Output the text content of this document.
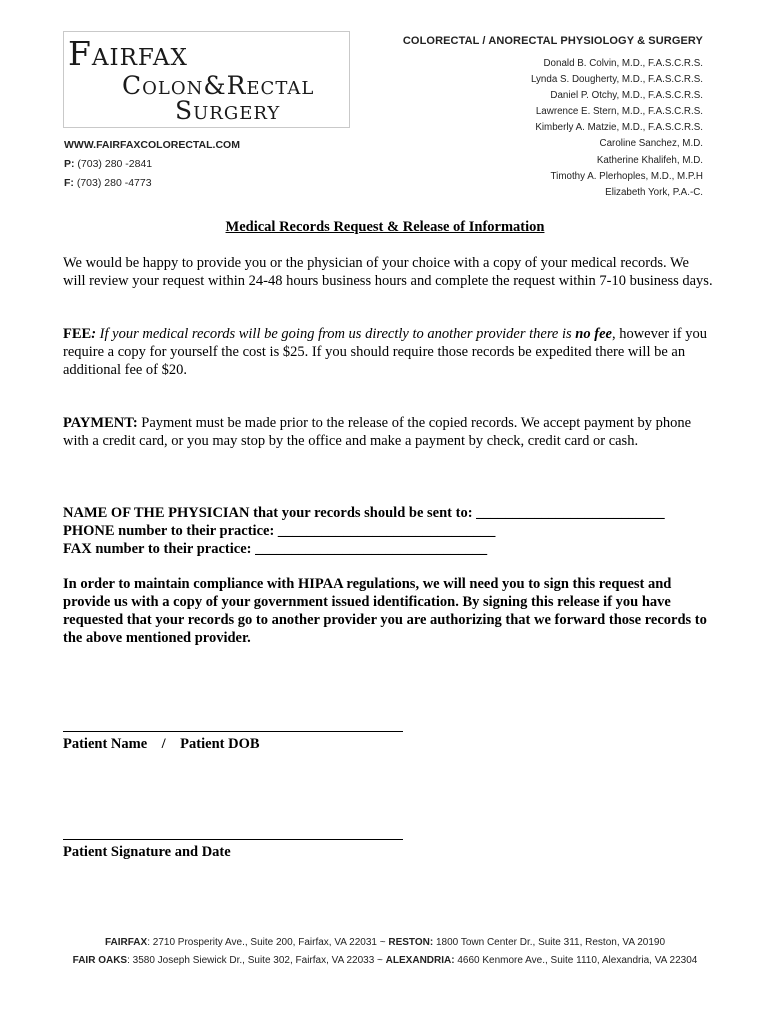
Fairfax
Colon&Rectal
Surgery
WWW.FAIRFAXCOLORECTAL.COM
P: (703) 280 -2841
F: (703) 280 -4773
COLORECTAL / ANORECTAL PHYSIOLOGY & SURGERY
Donald B. Colvin, M.D., F.A.S.C.R.S.
Lynda S. Dougherty, M.D., F.A.S.C.R.S.
Daniel P. Otchy, M.D., F.A.S.C.R.S.
Lawrence E. Stern, M.D., F.A.S.C.R.S.
Kimberly A. Matzie, M.D., F.A.S.C.R.S.
Caroline Sanchez, M.D.
Katherine Khalifeh, M.D.
Timothy A. Plerhoples, M.D., M.P.H
Elizabeth York, P.A.-C.
Medical Records Request & Release of Information
We would be happy to provide you or the physician of your choice with a copy of your medical records. We will review your request within 24-48 hours business hours and complete the request within 7-10 business days.
FEE: If your medical records will be going from us directly to another provider there is no fee, however if you require a copy for yourself the cost is $25. If you should require those records be expedited there will be an additional fee of $20.
PAYMENT: Payment must be made prior to the release of the copied records. We accept payment by phone with a credit card, or you may stop by the office and make a payment by check, credit card or cash.
NAME OF THE PHYSICIAN that your records should be sent to: __________________________
PHONE number to their practice: ______________________________
FAX number to their practice: ________________________________
In order to maintain compliance with HIPAA regulations, we will need you to sign this request and provide us with a copy of your government issued identification. By signing this release if you have requested that your records go to another provider you are authorizing that we forward those records to the above mentioned provider.
Patient Name    /    Patient DOB
Patient Signature and Date
FAIRFAX: 2710 Prosperity Ave., Suite 200, Fairfax, VA 22031 ~ RESTON: 1800 Town Center Dr., Suite 311, Reston, VA 20190
FAIR OAKS: 3580 Joseph Siewick Dr., Suite 302, Fairfax, VA 22033 ~ ALEXANDRIA: 4660 Kenmore Ave., Suite 1110, Alexandria, VA 22304
